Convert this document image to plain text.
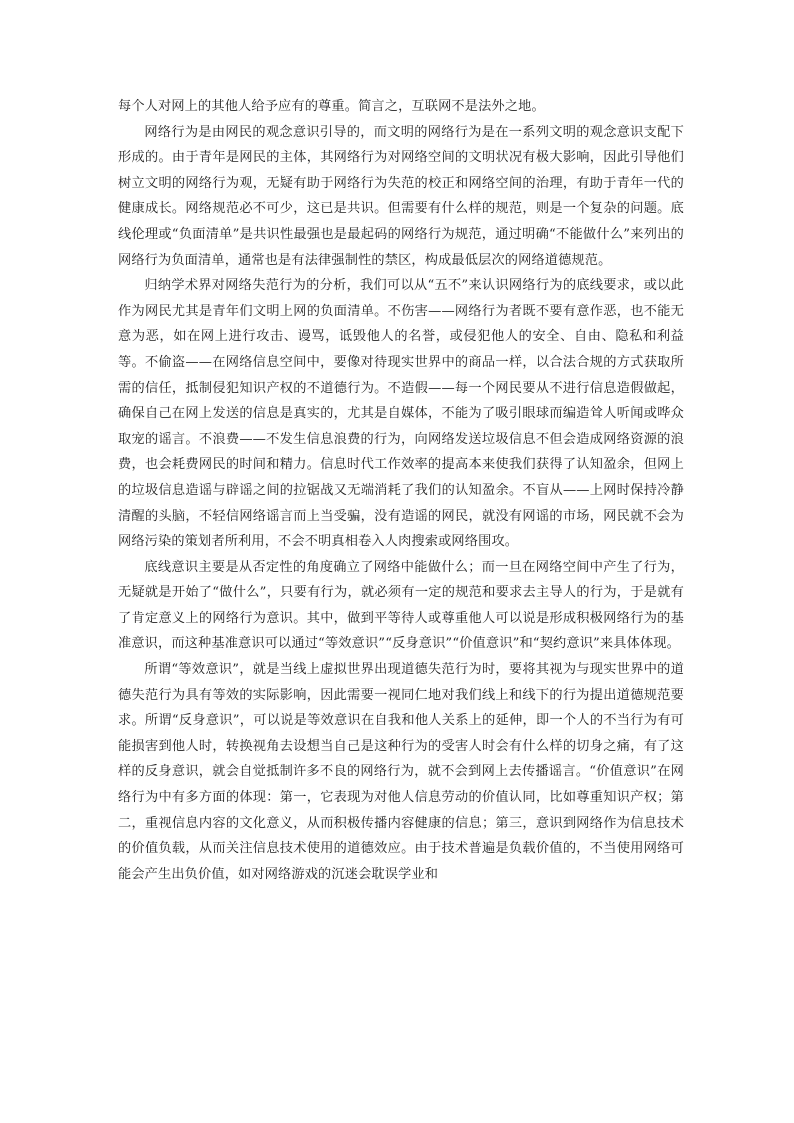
每个人对网上的其他人给予应有的尊重。简言之，互联网不是法外之地。

网络行为是由网民的观念意识引导的，而文明的网络行为是在一系列文明的观念意识支配下形成的。由于青年是网民的主体，其网络行为对网络空间的文明状况有极大影响，因此引导他们树立文明的网络行为观，无疑有助于网络行为失范的校正和网络空间的治理，有助于青年一代的健康成长。网络规范必不可少，这已是共识。但需要有什么样的规范，则是一个复杂的问题。底线伦理或“负面清单”是共识性最强也是最起码的网络行为规范，通过明确“不能做什么”来列出的网络行为负面清单，通常也是有法律强制性的禁区，构成最低层次的网络道德规范。

归纳学术界对网络失范行为的分析，我们可以从“五不”来认识网络行为的底线要求，或以此作为网民尤其是青年们文明上网的负面清单。不伤害——网络行为者既不要有意作恶，也不能无意为恶，如在网上进行攻击、谩骂，诋毁他人的名誉，或侵犯他人的安全、自由、隐私和利益等。不偷盗——在网络信息空间中，要像对待现实世界中的商品一样，以合法合规的方式获取所需的信任，抵制侵犯知识产权的不道德行为。不造假——每一个网民要从不进行信息造假做起，确保自己在网上发送的信息是真实的，尤其是自媒体，不能为了吸引眼球而编造耸人听闻或哗众取宠的谣言。不浪费——不发生信息浪费的行为，向网络发送垃圾信息不但会造成网络资源的浪费，也会耗费网民的时间和精力。信息时代工作效率的提高本来使我们获得了认知盈余，但网上的垃圾信息造谣与辟谣之间的拉锯战又无端消耗了我们的认知盈余。不盲从——上网时保持冷静清醒的头脑，不轻信网络谣言而上当受骗，没有造谣的网民，就没有网谣的市场，网民就不会为网络污染的策划者所利用，不会不明真相卷入人肉搜索或网络围攻。

底线意识主要是从否定性的角度确立了网络中能做什么；而一旦在网络空间中产生了行为，无疑就是开始了“做什么”，只要有行为，就必须有一定的规范和要求去主导人的行为，于是就有了肯定意义上的网络行为意识。其中，做到平等待人或尊重他人可以说是形成积极网络行为的基准意识，而这种基准意识可以通过“等效意识”“反身意识”“价值意识”和“契约意识”来具体体现。

所谓“等效意识”，就是当线上虚拟世界出现道德失范行为时，要将其视为与现实世界中的道德失范行为具有等效的实际影响，因此需要一视同仁地对我们线上和线下的行为提出道德规范要求。所谓“反身意识”，可以说是等效意识在自我和他人关系上的延伸，即一个人的不当行为有可能损害到他人时，转换视角去设想当自己是这种行为的受害人时会有什么样的切身之痛，有了这样的反身意识，就会自觉抵制许多不良的网络行为，就不会到网上去传播谣言。“价值意识”在网络行为中有多方面的体现：第一，它表现为对他人信息劳动的价值认同，比如尊重知识产权；第二，重视信息内容的文化意义，从而积极传播内容健康的信息；第三，意识到网络作为信息技术的价值负载，从而关注信息技术使用的道德效应。由于技术普遍是负载价值的，不当使用网络可能会产生出负价值，如对网络游戏的沉迷会耽误学业和
